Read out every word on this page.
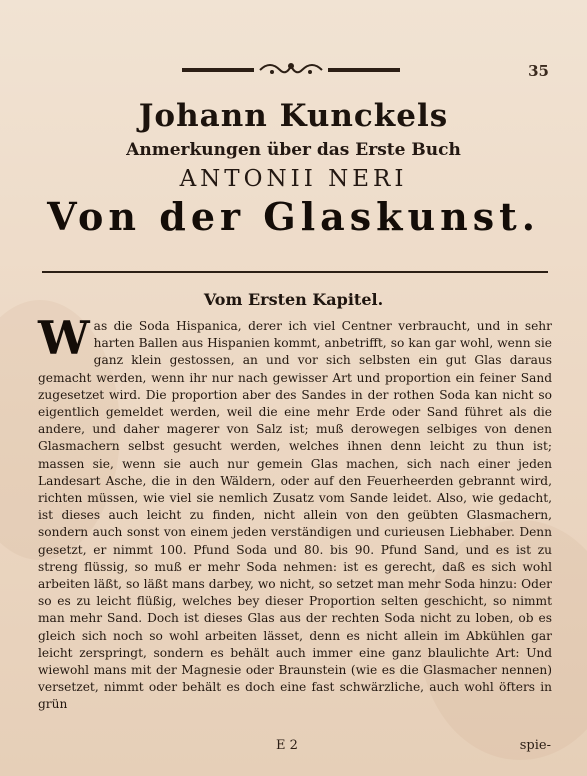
35
Johann Kunckels
Anmerkungen über das Erste Buch
ANTONII NERI
Von der Glaskunst.
Vom Ersten Kapitel.
W as die Soda Hispanica, derer ich viel Centner verbraucht, und in sehr harten Ballen aus Hispanien kommt, anbetrifft, so kan gar wohl, wenn sie ganz klein gestossen, an und vor sich selbsten ein gut Glas daraus gemacht werden, wenn ihr nur nach gewisser Art und proportion ein feiner Sand zugesetzet wird. Die proportion aber des Sandes in der rothen Soda kan nicht so eigentlich gemeldet werden, weil die eine mehr Erde oder Sand führet als die andere, und daher magerer von Salz ist; muß derowegen selbiges von denen Glasmachern selbst gesucht werden, welches ihnen denn leicht zu thun ist; massen sie, wenn sie auch nur gemein Glas machen, sich nach einer jeden Landesart Asche, die in den Wäldern, oder auf den Feuerheerden gebrannt wird, richten müssen, wie viel sie nemlich Zusatz vom Sande leidet. Also, wie gedacht, ist dieses auch leicht zu finden, nicht allein von den geübten Glasmachern, sondern auch sonst von einem jeden verständigen und curieusen Liebhaber. Denn gesetzt, er nimmt 100. Pfund Soda und 80. bis 90. Pfund Sand, und es ist zu streng flüssig, so muß er mehr Soda nehmen: ist es gerecht, daß es sich wohl arbeiten läßt, so läßt mans darbey, wo nicht, so setzet man mehr Soda hinzu: Oder so es zu leicht flüßig, welches bey dieser Proportion selten geschicht, so nimmt man mehr Sand. Doch ist dieses Glas aus der rechten Soda nicht zu loben, ob es gleich sich noch so wohl arbeiten lässet, denn es nicht allein im Abkühlen gar leicht zerspringt, sondern es behält auch immer eine ganz blaulichte Art: Und wiewohl mans mit der Magnesie oder Braunstein (wie es die Glasmacher nennen) versetzet, nimmt oder behält es doch eine fast schwärzliche, auch wohl öfters in grün
E 2	spie-
